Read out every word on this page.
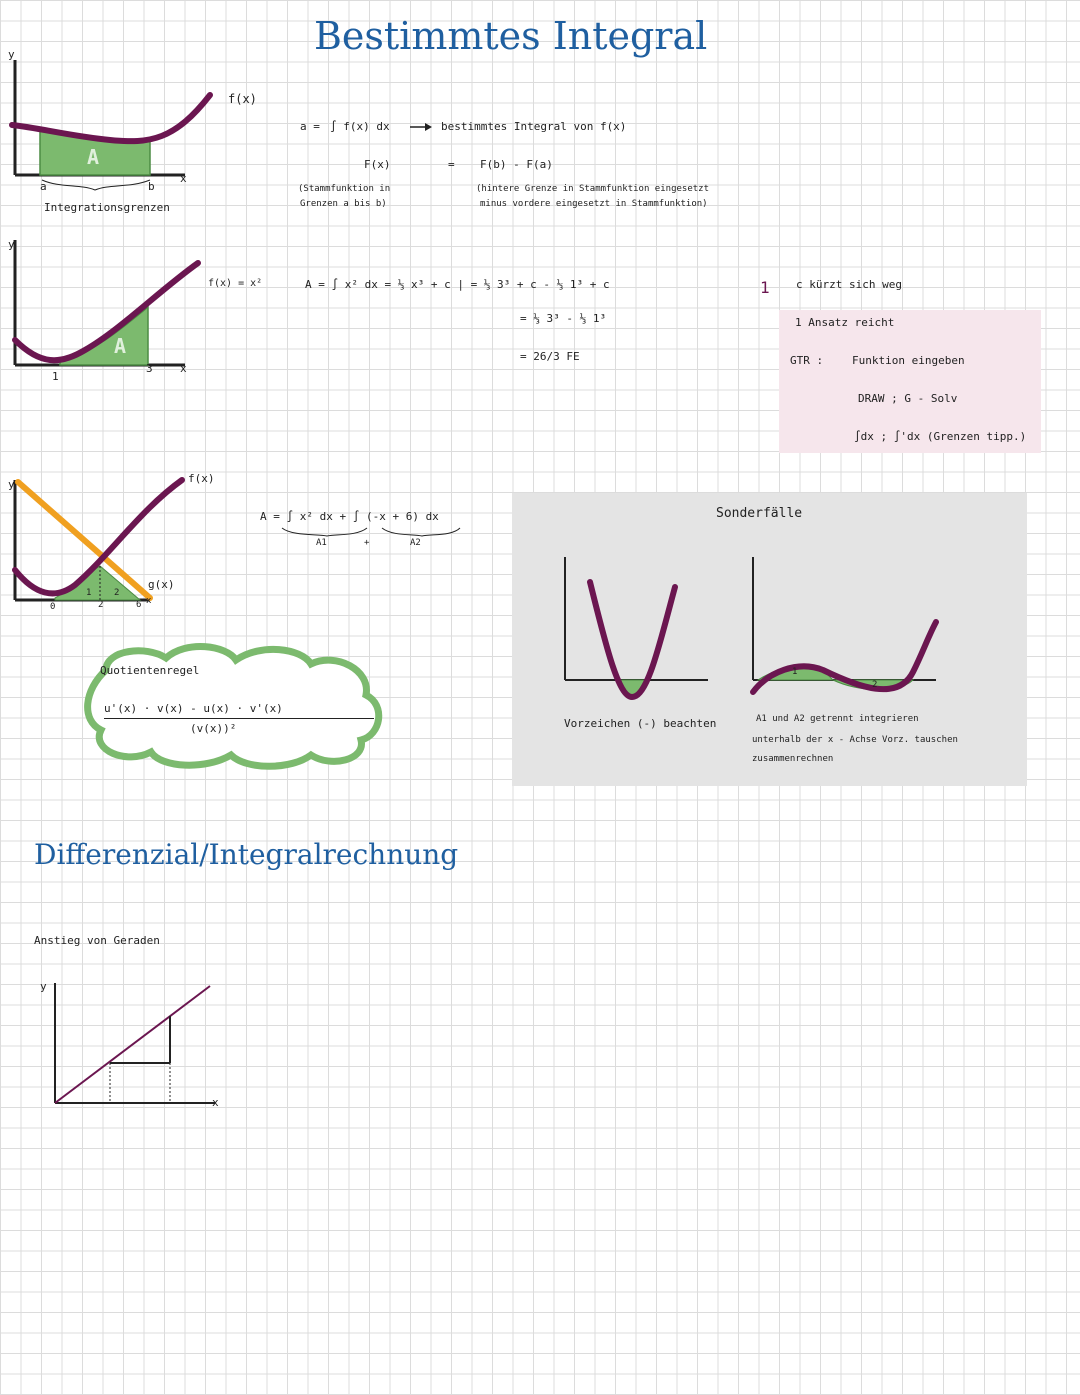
Bestimmtes Integral
y
x
a	b
A
f(x)
Integrationsgrenzen
a = ∫ f(x) dx	bestimmtes Integral von f(x)
F(x)	= F(b) - F(a)
(Stammfunktion in
Grenzen a bis b)
(hintere Grenze in Stammfunktion eingesetzt
minus vordere eingesetzt in Stammfunktion)
y
x
1
3
A
f(x) = x²	A = ∫ x² dx = ⅓ x³ + c | = ⅓ 3³ + c - ⅓ 1³ + c
= ⅓ 3³ - ⅓ 1³
= 26/3 FE
1 c kürzt sich weg
1 Ansatz reicht
GTR :	Funktion eingeben
DRAW ; G - Solv
∫dx ; ∫'dx (Grenzen tipp.)
y	f(x)
g(x)
0	2	6 x
1	2
A = ∫ x² dx + ∫ (-x + 6) dx
A1	+	A2
Sonderfälle
1
2
Vorzeichen (-) beachten	A1 und A2 getrennt integrieren
unterhalb der x - Achse Vorz. tauschen
zusammenrechnen
Quotientenregel
u'(x) · v(x) - u(x) · v'(x)
(v(x))²
Differenzial/Integralrechnung
Anstieg von Geraden
y
x
